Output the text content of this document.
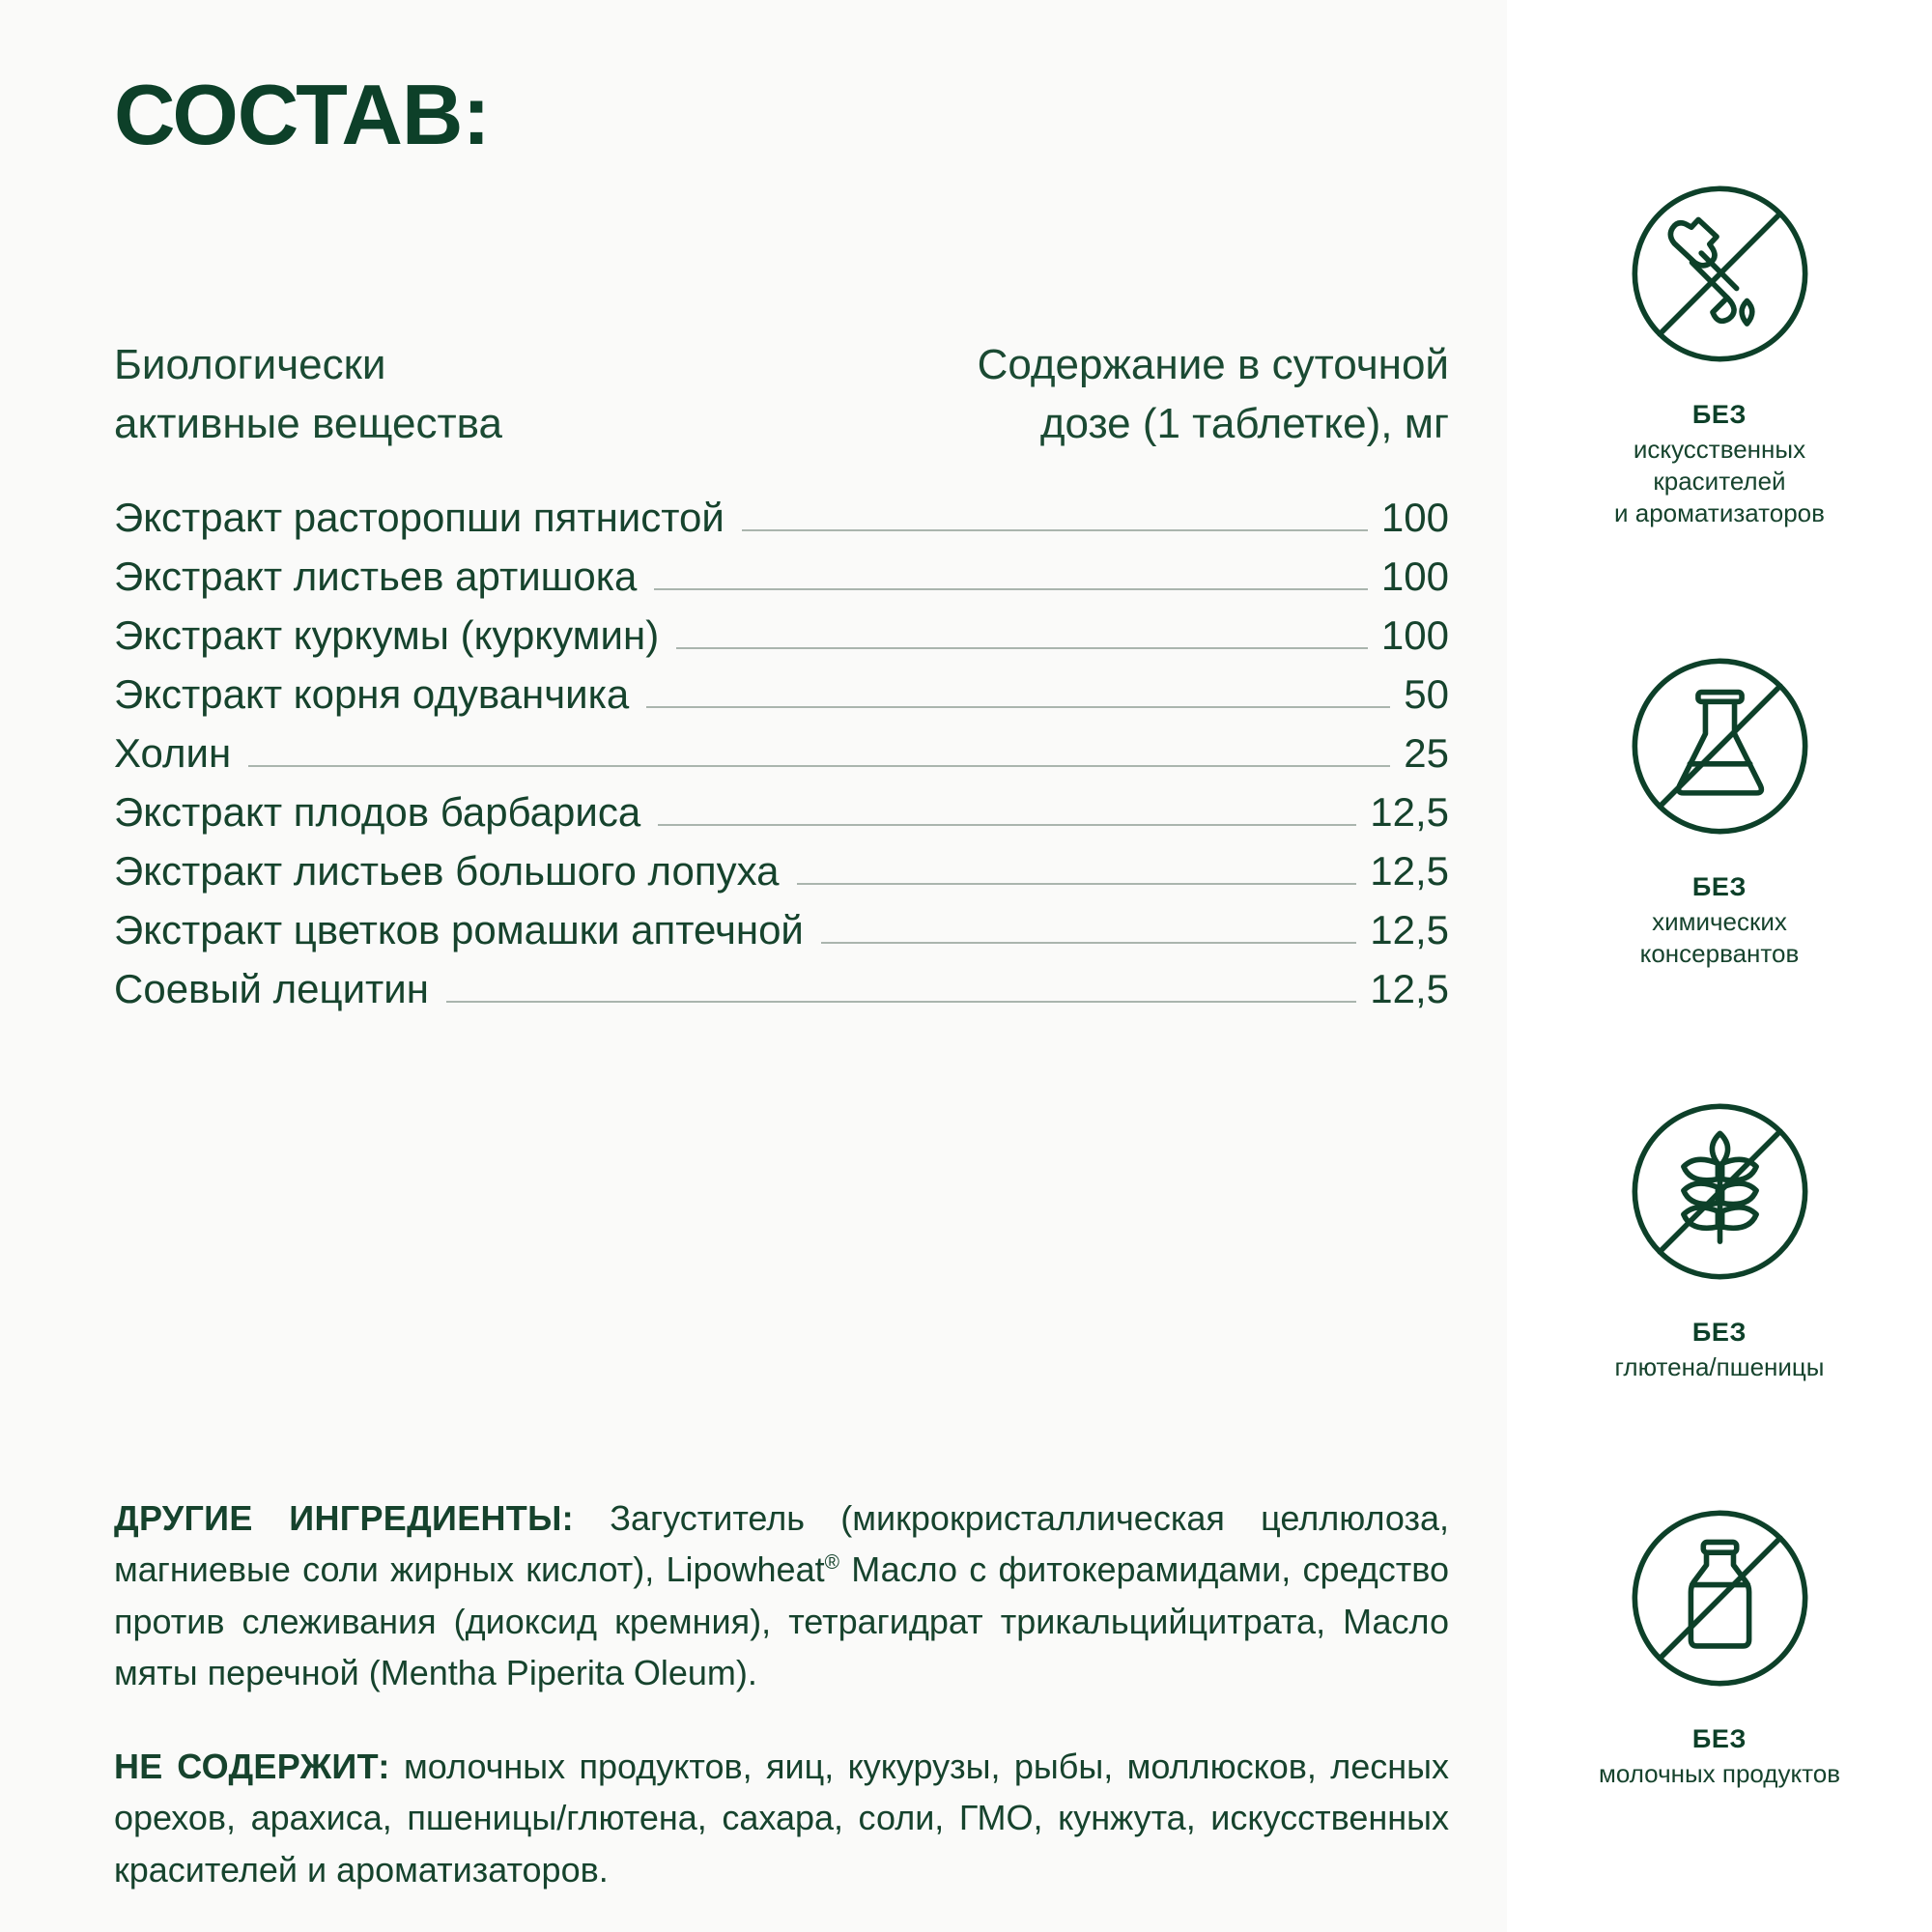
СОСТАВ:
Биологически
активные вещества
Содержание в суточной
дозе (1 таблетке), мг
Экстракт расторопши пятнистой	100
Экстракт листьев артишока	100
Экстракт куркумы (куркумин)	100
Экстракт корня одуванчика	50
Холин	25
Экстракт плодов барбариса	12,5
Экстракт листьев большого лопуха	12,5
Экстракт цветков ромашки аптечной	12,5
Соевый лецитин	12,5

ДРУГИЕ ИНГРЕДИЕНТЫ: Загуститель (микрокристаллическая целлюлоза, магниевые соли жирных кислот), Lipowheat® Масло с фитокерамидами, средство против слеживания (диоксид кремния), тетрагидрат трикальцийцитрата, Масло мяты перечной (Mentha Piperita Oleum).

НЕ СОДЕРЖИТ: молочных продуктов, яиц, кукурузы, рыбы, моллюсков, лесных орехов, арахиса, пшеницы/глютена, сахара, соли, ГМО, кунжута, искусственных красителей и ароматизаторов.

БЕЗ
искусственных
красителей
и ароматизаторов
БЕЗ
химических
консервантов
БЕЗ
глютена/пшеницы
БЕЗ
молочных продуктов
